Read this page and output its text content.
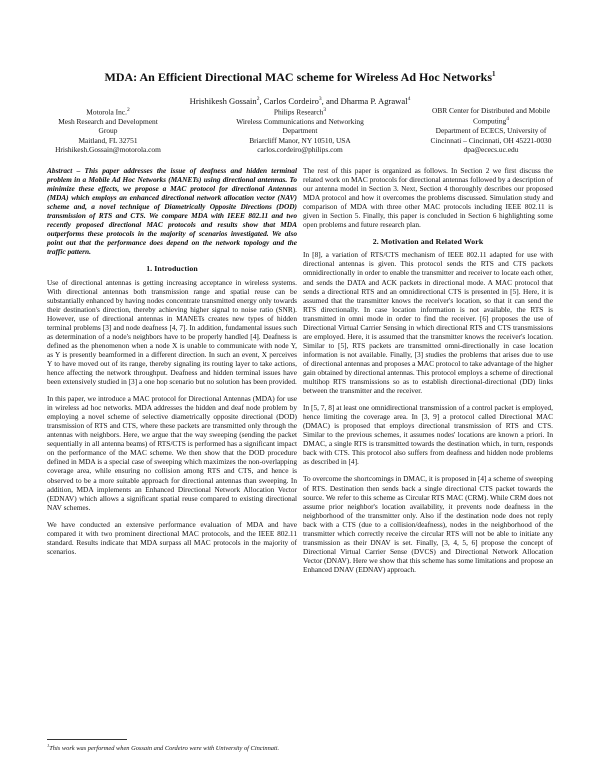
MDA: An Efficient Directional MAC scheme for Wireless Ad Hoc Networks$^1$
Hrishikesh Gossain$^2$, Carlos Cordeiro$^3$, and Dharma P. Agrawal$^4$
Motorola Inc.$^2$
Mesh Research and Development
Group
Maitland, FL 32751
Hrishikesh.Gossain@motorola.com
Philips Research$^3$
Wireless Communications and Networking
Department
Briarcliff Manor, NY 10510, USA
carlos.cordeiro@philips.com
OBR Center for Distributed and Mobile
Computing$^4$
Department of ECECS, University of
Cincinnati – Cincinnati, OH 45221-0030
dpa@ececs.uc.edu

Abstract – This paper addresses the issue of deafness and hidden terminal problem in a Mobile Ad Hoc Networks (MANETs) using directional antennas. To minimize these effects, we propose a MAC protocol for directional Antennas (MDA) which employs an enhanced directional network allocation vector (NAV) scheme and, a novel technique of Diametrically Opposite Directions (DOD) transmission of RTS and CTS. We compare MDA with IEEE 802.11 and two recently proposed directional MAC protocols and results show that MDA outperforms these protocols in the majority of scenarios investigated. We also point out that the performance does depend on the network topology and the traffic pattern.

1. Introduction

Use of directional antennas is getting increasing acceptance in wireless systems. With directional antennas both transmission range and spatial reuse can be substantially enhanced by having nodes concentrate transmitted energy only towards their destination's direction, thereby achieving higher signal to noise ratio (SNR). However, use of directional antennas in MANETs creates new types of hidden terminal problems [3] and node deafness [4, 7]. In addition, fundamental issues such as determination of a node's neighbors have to be properly handled [4]. Deafness is defined as the phenomenon when a node X is unable to communicate with node Y, as Y is presently beamformed in a different direction. In such an event, X perceives Y to have moved out of its range, thereby signaling its routing layer to take actions, hence affecting the network throughput. Deafness and hidden terminal issues have been extensively studied in [3] a one hop scenario but no solution has been provided.

In this paper, we introduce a MAC protocol for Directional Antennas (MDA) for use in wireless ad hoc networks. MDA addresses the hidden and deaf node problem by employing a novel scheme of selective diametrically opposite directional (DOD) transmission of RTS and CTS, where these packets are transmitted only through the antennas with neighbors. Here, we argue that the way sweeping (sending the packet sequentially in all antenna beams) of RTS/CTS is performed has a significant impact on the performance of the MAC scheme. We then show that the DOD procedure defined in MDA is a special case of sweeping which maximizes the non-overlapping coverage area, while ensuring no collision among RTS and CTS, and hence is observed to be a more suitable approach for directional antennas than sweeping. In addition, MDA implements an Enhanced Directional Network Allocation Vector (EDNAV) which allows a significant spatial reuse compared to existing directional NAV schemes.

We have conducted an extensive performance evaluation of MDA and have compared it with two prominent directional MAC protocols, and the IEEE 802.11 standard. Results indicate that MDA surpass all MAC protocols in the majority of scenarios.

The rest of this paper is organized as follows. In Section 2 we first discuss the related work on MAC protocols for directional antennas followed by a description of our antenna model in Section 3. Next, Section 4 thoroughly describes our proposed MDA protocol and how it overcomes the problems discussed. Simulation study and comparison of MDA with three other MAC protocols including IEEE 802.11 is given in Section 5. Finally, this paper is concluded in Section 6 highlighting some open problems and future research plan.

2. Motivation and Related Work

In [8], a variation of RTS/CTS mechanism of IEEE 802.11 adapted for use with directional antennas is given. This protocol sends the RTS and CTS packets omnidirectionally in order to enable the transmitter and receiver to locate each other, and sends the DATA and ACK packets in directional mode. A MAC protocol that sends a directional RTS and an omnidirectional CTS is presented in [5]. Here, it is assumed that the transmitter knows the receiver's location, so that it can send the RTS directionally. In case location information is not available, the RTS is transmitted in omni mode in order to find the receiver. [6] proposes the use of Directional Virtual Carrier Sensing in which directional RTS and CTS transmissions are employed. Here, it is assumed that the transmitter knows the receiver's location. Similar to [5], RTS packets are transmitted omni-directionally in case location information is not available. Finally, [3] studies the problems that arises due to use of directional antennas and proposes a MAC protocol to take advantage of the higher gain obtained by directional antennas. This protocol employs a scheme of directional multihop RTS transmissions so as to establish directional-directional (DD) links between the transmitter and the receiver.

In [5, 7, 8] at least one omnidirectional transmission of a control packet is employed, hence limiting the coverage area. In [3, 9] a protocol called Directional MAC (DMAC) is proposed that employs directional transmission of RTS and CTS. Similar to the previous schemes, it assumes nodes' locations are known a priori. In DMAC, a single RTS is transmitted towards the destination which, in turn, responds back with CTS. This protocol also suffers from deafness and hidden node problems as described in [4].

To overcome the shortcomings in DMAC, it is proposed in [4] a scheme of sweeping of RTS. Destination then sends back a single directional CTS packet towards the source. We refer to this scheme as Circular RTS MAC (CRM). While CRM does not assume prior neighbor's location availability, it prevents node deafness in the neighborhood of the transmitter only. Also if the destination node does not reply back with a CTS (due to a collision/deafness), nodes in the neighborhood of the transmitter which correctly receive the circular RTS will not be able to initiate any transmission as their DNAV is set. Finally, [3, 4, 5, 6] propose the concept of Directional Virtual Carrier Sense (DVCS) and Directional Network Allocation Vector (DNAV). Here we show that this scheme has some limitations and propose an Enhanced DNAV (EDNAV) approach.

$^1$This work was performed when Gossain and Cordeiro were with University of Cincinnati.
